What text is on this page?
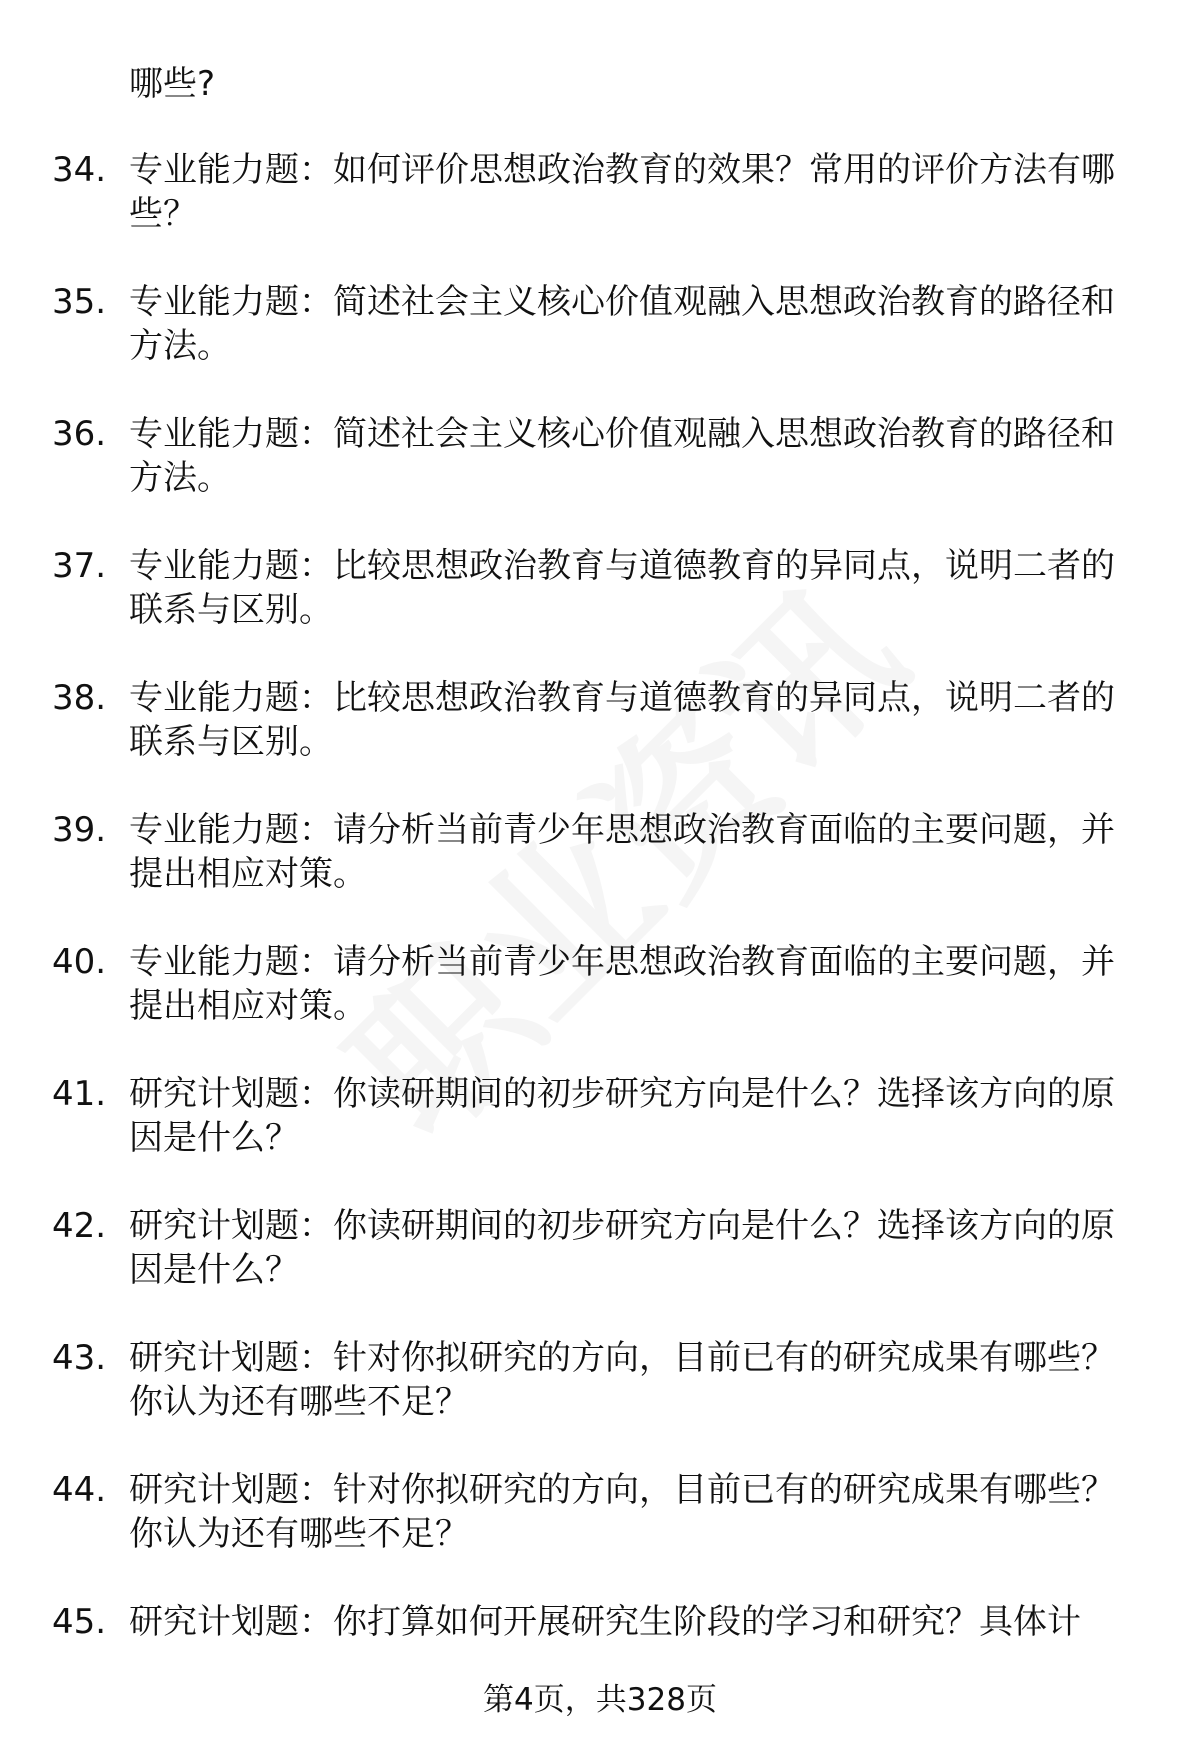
哪些?
34. 专业能力题：如何评价思想政治教育的效果？常用的评价方法有哪些？
35. 专业能力题：简述社会主义核心价值观融入思想政治教育的路径和方法。
36. 专业能力题：简述社会主义核心价值观融入思想政治教育的路径和方法。
37. 专业能力题：比较思想政治教育与道德教育的异同点，说明二者的联系与区别。
38. 专业能力题：比较思想政治教育与道德教育的异同点，说明二者的联系与区别。
39. 专业能力题：请分析当前青少年思想政治教育面临的主要问题，并提出相应对策。
40. 专业能力题：请分析当前青少年思想政治教育面临的主要问题，并提出相应对策。
41. 研究计划题：你读研期间的初步研究方向是什么？选择该方向的原因是什么？
42. 研究计划题：你读研期间的初步研究方向是什么？选择该方向的原因是什么？
43. 研究计划题：针对你拟研究的方向，目前已有的研究成果有哪些？你认为还有哪些不足？
44. 研究计划题：针对你拟研究的方向，目前已有的研究成果有哪些？你认为还有哪些不足？
45. 研究计划题：你打算如何开展研究生阶段的学习和研究？具体计
第4页，共328页
